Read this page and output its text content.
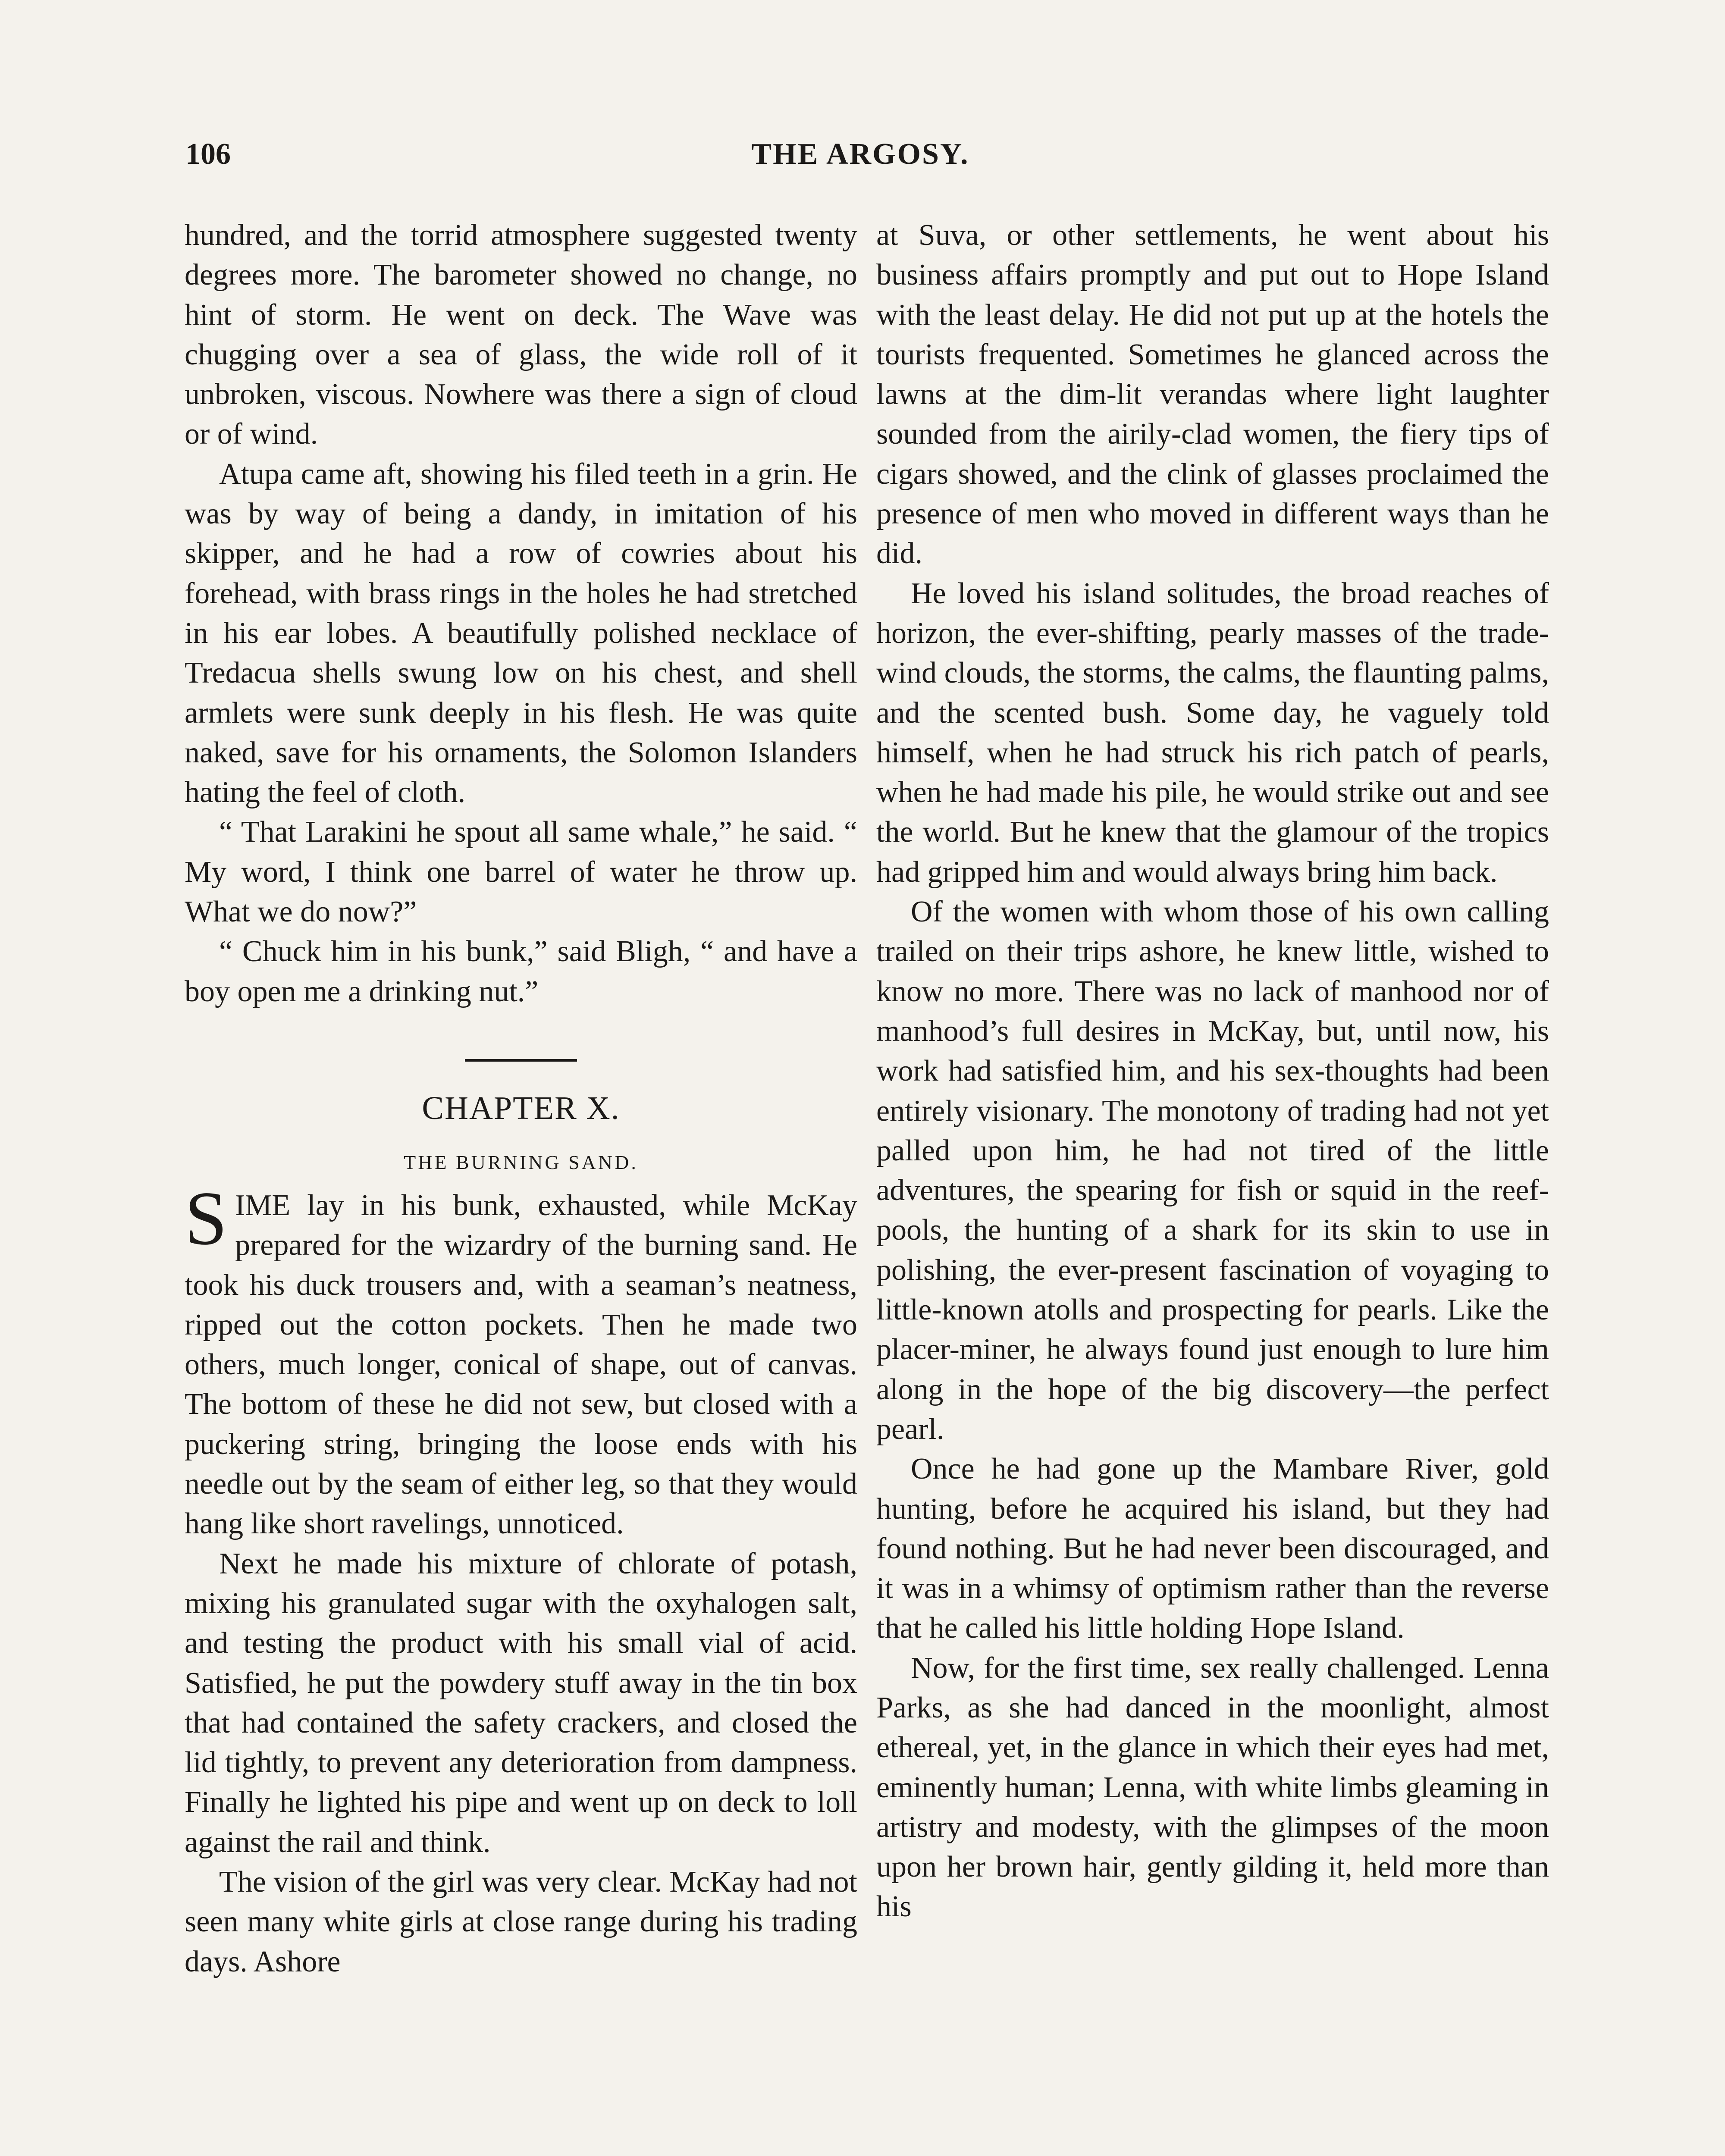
106	THE ARGOSY.

hundred, and the torrid atmosphere suggested twenty degrees more. The barometer showed no change, no hint of storm. He went on deck. The Wave was chugging over a sea of glass, the wide roll of it unbroken, viscous. Nowhere was there a sign of cloud or of wind.

Atupa came aft, showing his filed teeth in a grin. He was by way of being a dandy, in imitation of his skipper, and he had a row of cowries about his forehead, with brass rings in the holes he had stretched in his ear lobes. A beautifully polished necklace of Tredacua shells swung low on his chest, and shell armlets were sunk deeply in his flesh. He was quite naked, save for his ornaments, the Solomon Islanders hating the feel of cloth.

“ That Larakini he spout all same whale,” he said. “ My word, I think one barrel of water he throw up. What we do now?”

“ Chuck him in his bunk,” said Bligh, “ and have a boy open me a drinking nut.”

CHAPTER X.
THE BURNING SAND.

SIME lay in his bunk, exhausted, while McKay prepared for the wizardry of the burning sand. He took his duck trousers and, with a seaman’s neatness, ripped out the cotton pockets. Then he made two others, much longer, conical of shape, out of canvas. The bottom of these he did not sew, but closed with a puckering string, bringing the loose ends with his needle out by the seam of either leg, so that they would hang like short ravelings, unnoticed.

Next he made his mixture of chlorate of potash, mixing his granulated sugar with the oxyhalogen salt, and testing the product with his small vial of acid. Satisfied, he put the powdery stuff away in the tin box that had contained the safety crackers, and closed the lid tightly, to prevent any deterioration from dampness. Finally he lighted his pipe and went up on deck to loll against the rail and think.

The vision of the girl was very clear. McKay had not seen many white girls at close range during his trading days. Ashore

at Suva, or other settlements, he went about his business affairs promptly and put out to Hope Island with the least delay. He did not put up at the hotels the tourists frequented. Sometimes he glanced across the lawns at the dim-lit verandas where light laughter sounded from the airily-clad women, the fiery tips of cigars showed, and the clink of glasses proclaimed the presence of men who moved in different ways than he did.

He loved his island solitudes, the broad reaches of horizon, the ever-shifting, pearly masses of the trade-wind clouds, the storms, the calms, the flaunting palms, and the scented bush. Some day, he vaguely told himself, when he had struck his rich patch of pearls, when he had made his pile, he would strike out and see the world. But he knew that the glamour of the tropics had gripped him and would always bring him back.

Of the women with whom those of his own calling trailed on their trips ashore, he knew little, wished to know no more. There was no lack of manhood nor of manhood’s full desires in McKay, but, until now, his work had satisfied him, and his sex-thoughts had been entirely visionary. The monotony of trading had not yet palled upon him, he had not tired of the little adventures, the spearing for fish or squid in the reef-pools, the hunting of a shark for its skin to use in polishing, the ever-present fascination of voyaging to little-known atolls and prospecting for pearls. Like the placer-miner, he always found just enough to lure him along in the hope of the big discovery—the perfect pearl.

Once he had gone up the Mambare River, gold hunting, before he acquired his island, but they had found nothing. But he had never been discouraged, and it was in a whimsy of optimism rather than the reverse that he called his little holding Hope Island.

Now, for the first time, sex really challenged. Lenna Parks, as she had danced in the moonlight, almost ethereal, yet, in the glance in which their eyes had met, eminently human; Lenna, with white limbs gleaming in artistry and modesty, with the glimpses of the moon upon her brown hair, gently gilding it, held more than his
